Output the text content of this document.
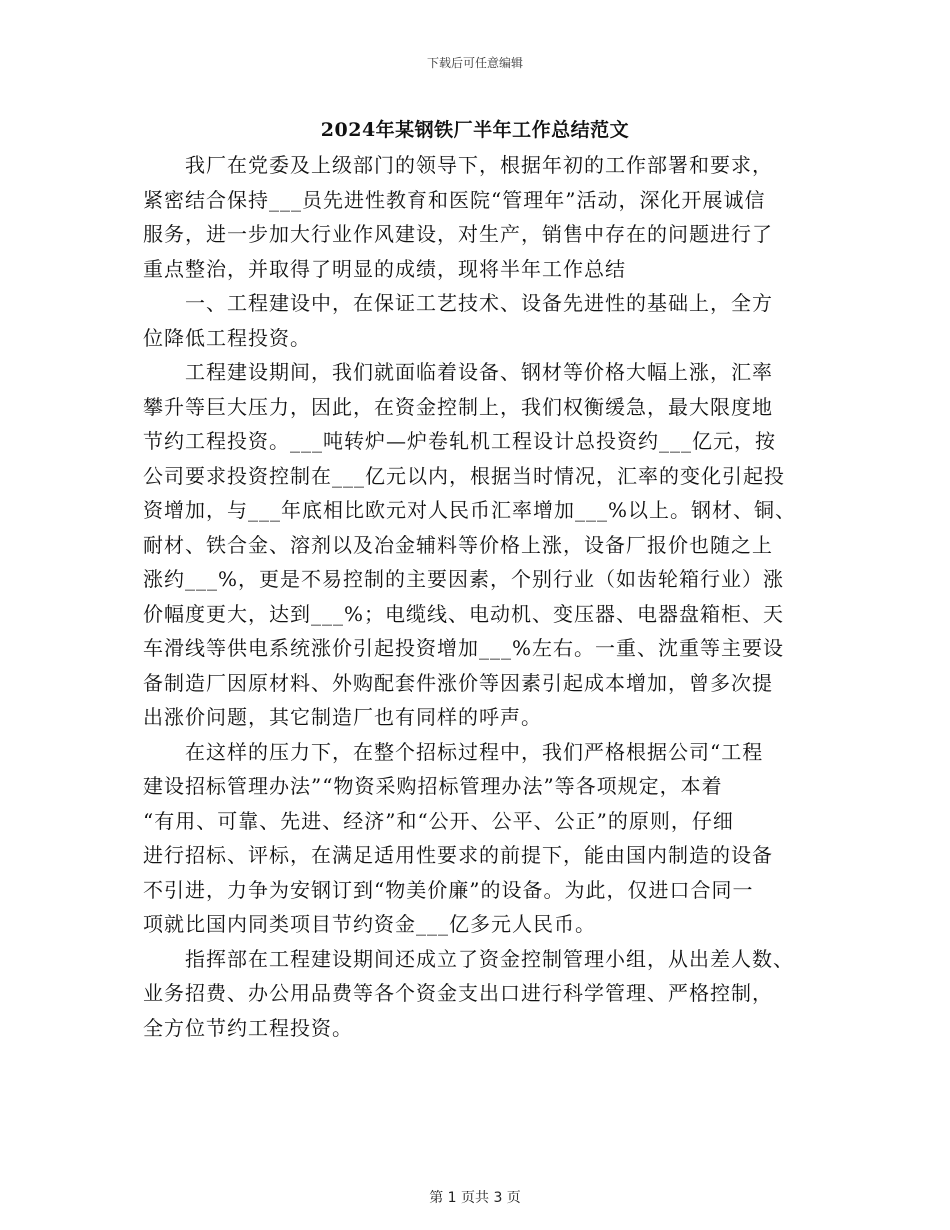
下载后可任意编辑
2024年某钢铁厂半年工作总结范文
　　我厂在党委及上级部门的领导下，根据年初的工作部署和要求，
紧密结合保持___员先进性教育和医院“管理年”活动，深化开展诚信
服务，进一步加大行业作风建设，对生产，销售中存在的问题进行了
重点整治，并取得了明显的成绩，现将半年工作总结
　　一、工程建设中，在保证工艺技术、设备先进性的基础上，全方
位降低工程投资。
　　工程建设期间，我们就面临着设备、钢材等价格大幅上涨，汇率
攀升等巨大压力，因此，在资金控制上，我们权衡缓急，最大限度地
节约工程投资。___吨转炉—炉卷轧机工程设计总投资约___亿元，按
公司要求投资控制在___亿元以内，根据当时情况，汇率的变化引起投
资增加，与___年底相比欧元对人民币汇率增加___%以上。钢材、铜、
耐材、铁合金、溶剂以及冶金辅料等价格上涨，设备厂报价也随之上
涨约___%，更是不易控制的主要因素，个别行业（如齿轮箱行业）涨
价幅度更大，达到___%；电缆线、电动机、变压器、电器盘箱柜、天
车滑线等供电系统涨价引起投资增加___%左右。一重、沈重等主要设
备制造厂因原材料、外购配套件涨价等因素引起成本增加，曾多次提
出涨价问题，其它制造厂也有同样的呼声。
　　在这样的压力下，在整个招标过程中，我们严格根据公司“工程
建设招标管理办法”“物资采购招标管理办法”等各项规定，本着
“有用、可靠、先进、经济”和“公开、公平、公正”的原则，仔细
进行招标、评标，在满足适用性要求的前提下，能由国内制造的设备
不引进，力争为安钢订到“物美价廉”的设备。为此，仅进口合同一
项就比国内同类项目节约资金___亿多元人民币。
　　指挥部在工程建设期间还成立了资金控制管理小组，从出差人数、
业务招费、办公用品费等各个资金支出口进行科学管理、严格控制，
全方位节约工程投资。
第 1 页共 3 页
